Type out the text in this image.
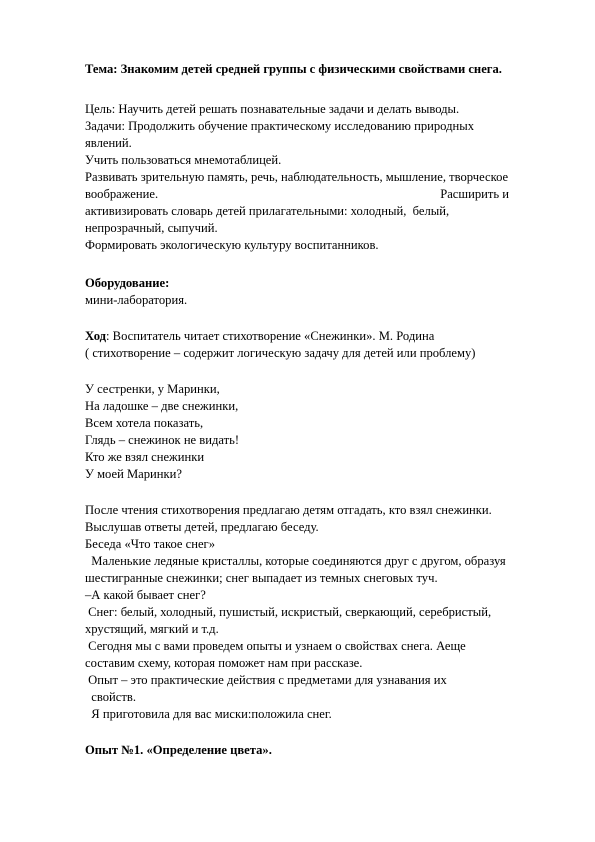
Тема: Знакомим детей средней группы с физическими свойствами снега.
Цель: Научить детей решать познавательные задачи и делать выводы.
Задачи: Продолжить обучение практическому исследованию природных
явлений.
Учить пользоваться мнемотаблицей.
Развивать зрительную память, речь, наблюдательность, мышление, творческое
воображение.	Расширить и
активизировать словарь детей прилагательными: холодный,  белый,
непрозрачный, сыпучий.
Формировать экологическую культуру воспитанников.
Оборудование:
мини-лаборатория.
Ход: Воспитатель читает стихотворение «Снежинки». М. Родина
( стихотворение – содержит логическую задачу для детей или проблему)
У сестренки, у Маринки,
На ладошке – две снежинки,
Всем хотела показать,
Глядь – снежинок не видать!
Кто же взял снежинки
У моей Маринки?
После чтения стихотворения предлагаю детям отгадать, кто взял снежинки.
Выслушав ответы детей, предлагаю беседу.
Беседа «Что такое снег»
Маленькие ледяные кристаллы, которые соединяются друг с другом, образуя
шестигранные снежинки; снег выпадает из темных снеговых туч.
–А какой бывает снег?
Снег: белый, холодный, пушистый, искристый, сверкающий, серебристый,
хрустящий, мягкий и т.д.
Сегодня мы с вами проведем опыты и узнаем о свойствах снега. Аеще
составим схему, которая поможет нам при рассказе.
Опыт – это практические действия с предметами для узнавания их
свойств.
Я приготовила для вас миски:положила снег.
Опыт №1. «Определение цвета».
